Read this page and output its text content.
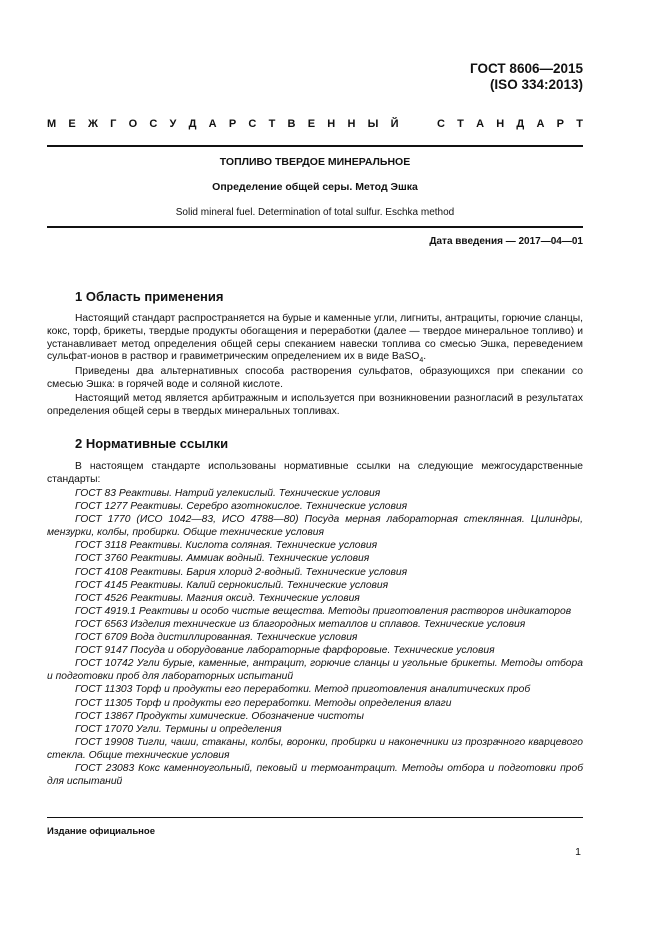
ГОСТ 8606—2015
(ISO 334:2013)
М Е Ж Г О С У Д А Р С Т В Е Н Н Ы Й	С Т А Н Д А Р Т
ТОПЛИВО ТВЕРДОЕ МИНЕРАЛЬНОЕ
Определение общей серы. Метод Эшка
Solid mineral fuel. Determination of total sulfur. Eschka method
Дата введения — 2017—04—01
1 Область применения
Настоящий стандарт распространяется на бурые и каменные угли, лигниты, антрациты, горючие сланцы, кокс, торф, брикеты, твердые продукты обогащения и переработки (далее — твердое минеральное топливо) и устанавливает метод определения общей серы спеканием навески топлива со смесью Эшка, переведением сульфат-ионов в раствор и гравиметрическим определением их в виде BaSO$_4$.
Приведены два альтернативных способа растворения сульфатов, образующихся при спекании со смесью Эшка: в горячей воде и соляной кислоте.
Настоящий метод является арбитражным и используется при возникновении разногласий в результатах определения общей серы в твердых минеральных топливах.
2 Нормативные ссылки
В настоящем стандарте использованы нормативные ссылки на следующие межгосударственные стандарты:
ГОСТ 83 Реактивы. Натрий углекислый. Технические условия
ГОСТ 1277 Реактивы. Серебро азотнокислое. Технические условия
ГОСТ 1770 (ИСО 1042—83, ИСО 4788—80) Посуда мерная лабораторная стеклянная. Цилиндры, мензурки, колбы, пробирки. Общие технические условия
ГОСТ 3118 Реактивы. Кислота соляная. Технические условия
ГОСТ 3760 Реактивы. Аммиак водный. Технические условия
ГОСТ 4108 Реактивы. Бария хлорид 2-водный. Технические условия
ГОСТ 4145 Реактивы. Калий сернокислый. Технические условия
ГОСТ 4526 Реактивы. Магния оксид. Технические условия
ГОСТ 4919.1 Реактивы и особо чистые вещества. Методы приготовления растворов индикаторов
ГОСТ 6563 Изделия технические из благородных металлов и сплавов. Технические условия
ГОСТ 6709 Вода дистиллированная. Технические условия
ГОСТ 9147 Посуда и оборудование лабораторные фарфоровые. Технические условия
ГОСТ 10742 Угли бурые, каменные, антрацит, горючие сланцы и угольные брикеты. Методы отбора и подготовки проб для лабораторных испытаний
ГОСТ 11303 Торф и продукты его переработки. Метод приготовления аналитических проб
ГОСТ 11305 Торф и продукты его переработки. Методы определения влаги
ГОСТ 13867 Продукты химические. Обозначение чистоты
ГОСТ 17070 Угли. Термины и определения
ГОСТ 19908 Тигли, чаши, стаканы, колбы, воронки, пробирки и наконечники из прозрачного кварцевого стекла. Общие технические условия
ГОСТ 23083 Кокс каменноугольный, пековый и термоантрацит. Методы отбора и подготовки проб для испытаний
Издание официальное
1
